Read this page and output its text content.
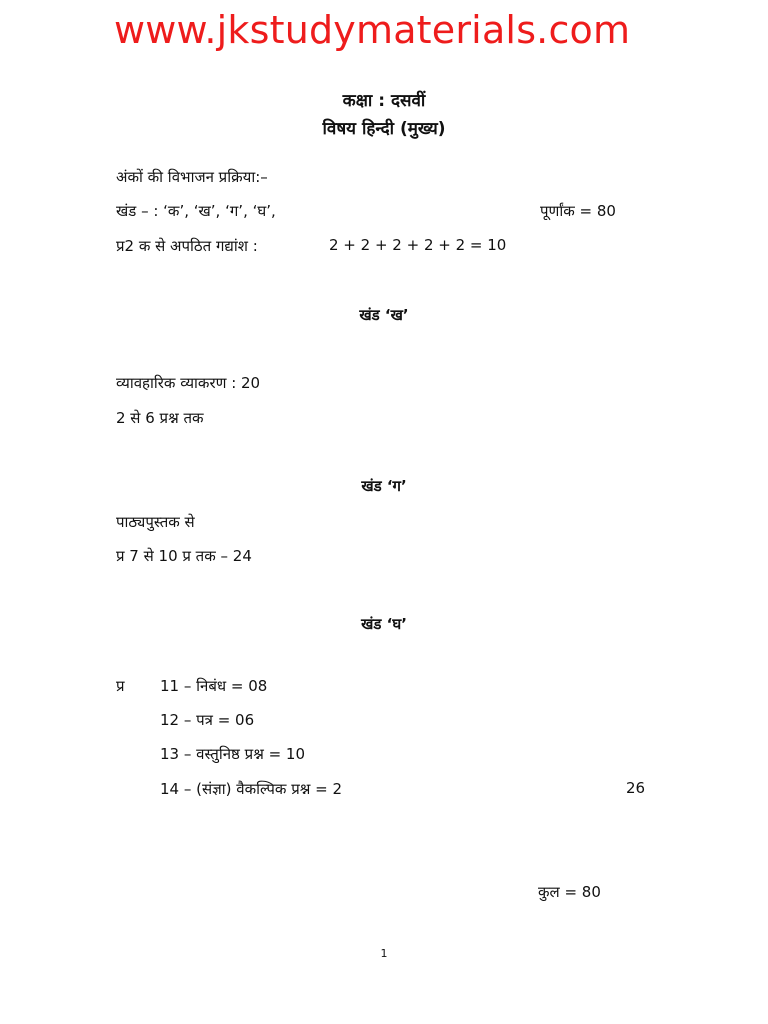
www.jkstudymaterials.com
कक्षा : दसवीं
विषय हिन्दी (मुख्य)
अंकों की विभाजन प्रक्रिया:–
खंड – : ‘क’, ‘ख’, ‘ग’, ‘घ’,	पूर्णांक = 80
प्र2 क से अपठित गद्यांश :	2 + 2 + 2 + 2 + 2 = 10
खंड ‘ख’
व्यावहारिक व्याकरण : 20
2 से 6 प्रश्न तक
खंड ‘ग’
पाठ्यपुस्तक से
प्र 7 से 10 प्र तक – 24
खंड ‘घ’
प्र 11 – निबंध = 08
12 – पत्र = 06
13 – वस्तुनिष्ठ प्रश्न = 10
14 – (संज्ञा) वैकल्पिक प्रश्न = 2	26
कुल = 80
1
